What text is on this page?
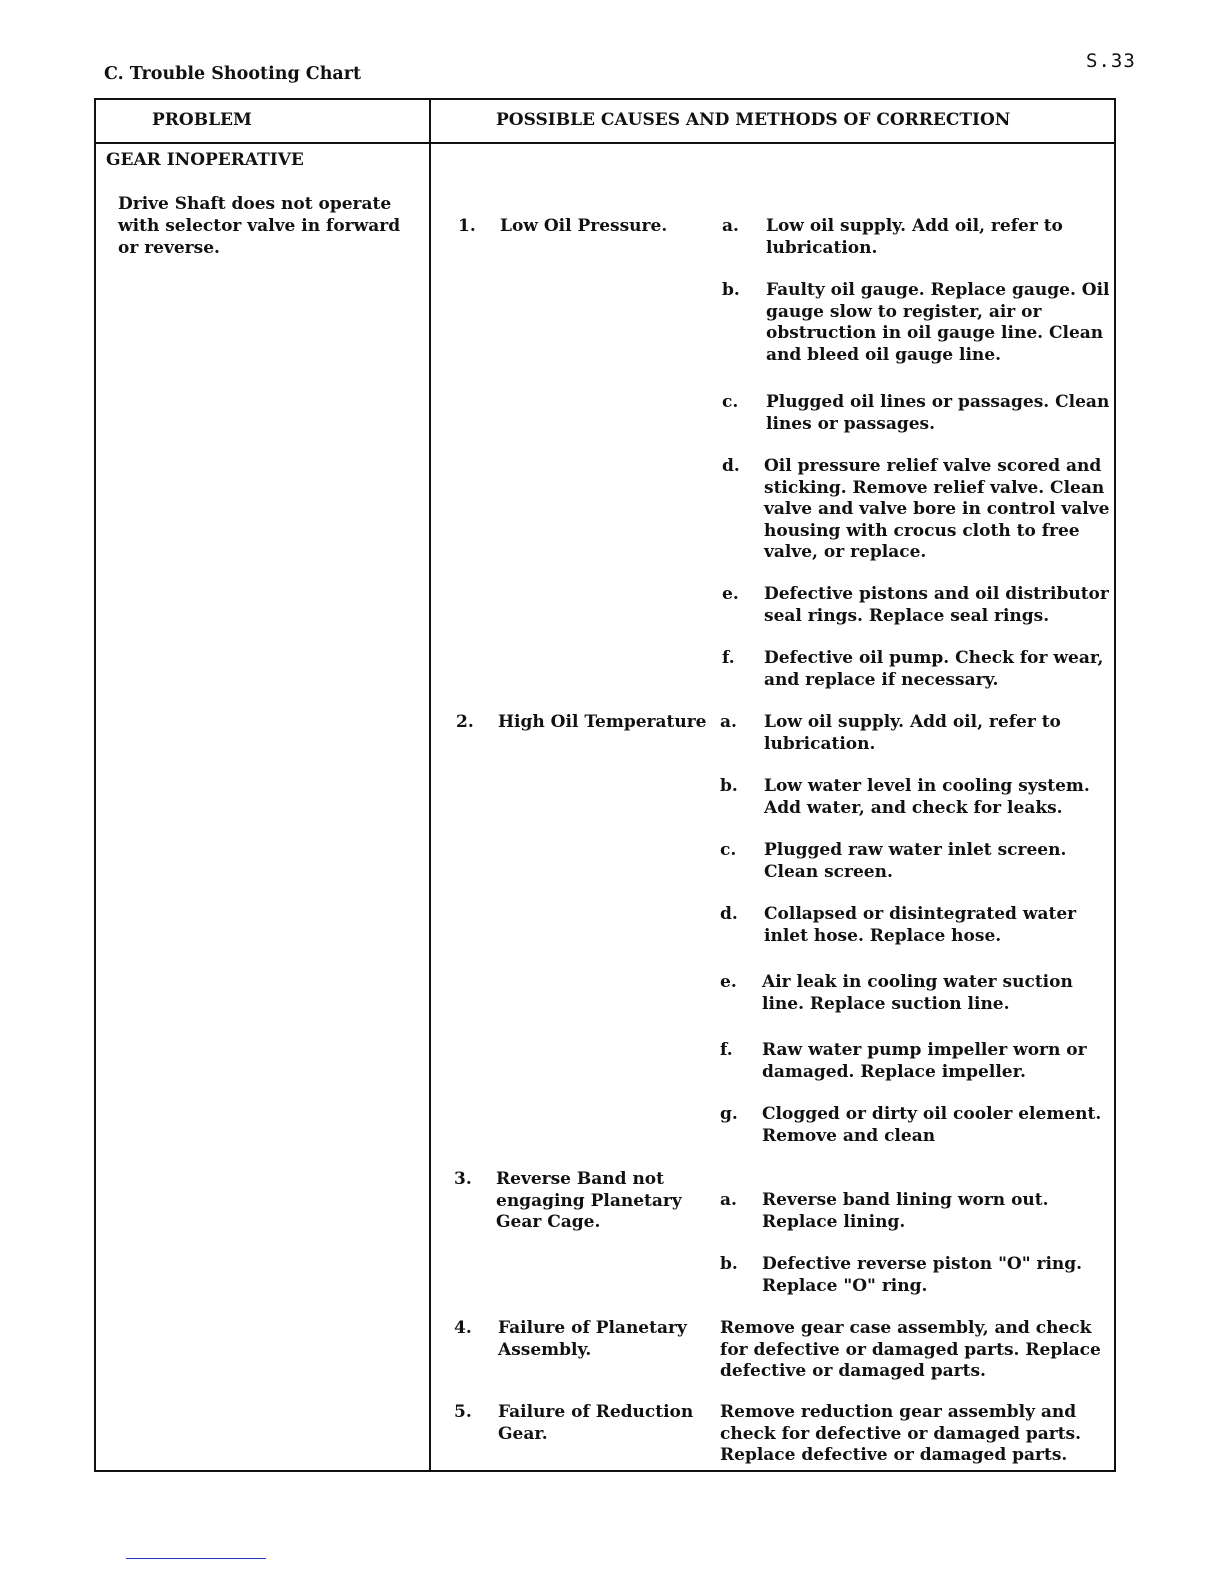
S.33
C. Trouble Shooting Chart
PROBLEM	POSSIBLE CAUSES AND METHODS OF CORRECTION
GEAR INOPERATIVE
Drive Shaft does not operate with selector valve in forward or reverse.
1.	Low Oil Pressure.	a.	Low oil supply. Add oil, refer to lubrication.
b.	Faulty oil gauge. Replace gauge. Oil gauge slow to register, air or obstruction in oil gauge line. Clean and bleed oil gauge line.
c.	Plugged oil lines or passages. Clean lines or passages.
d.	Oil pressure relief valve scored and sticking. Remove relief valve. Clean valve and valve bore in control valve housing with crocus cloth to free valve, or replace.
e.	Defective pistons and oil distributor seal rings. Replace seal rings.
f.	Defective oil pump. Check for wear, and replace if necessary.
2.	High Oil Temperature a.	Low oil supply. Add oil, refer to lubrication.
b.	Low water level in cooling system. Add water, and check for leaks.
c.	Plugged raw water inlet screen. Clean screen.
d.	Collapsed or disintegrated water inlet hose. Replace hose.
e.	Air leak in cooling water suction line. Replace suction line.
f.	Raw water pump impeller worn or damaged. Replace impeller.
g.	Clogged or dirty oil cooler element. Remove and clean
3.	Reverse Band not engaging Planetary Gear Cage.
a.	Reverse band lining worn out. Replace lining.
b.	Defective reverse piston "O" ring. Replace "O" ring.
4.	Failure of Planetary Assembly.
Remove gear case assembly, and check for defective or damaged parts. Replace defective or damaged parts.
5.	Failure of Reduction Gear.
Remove reduction gear assembly and check for defective or damaged parts. Replace defective or damaged parts.
